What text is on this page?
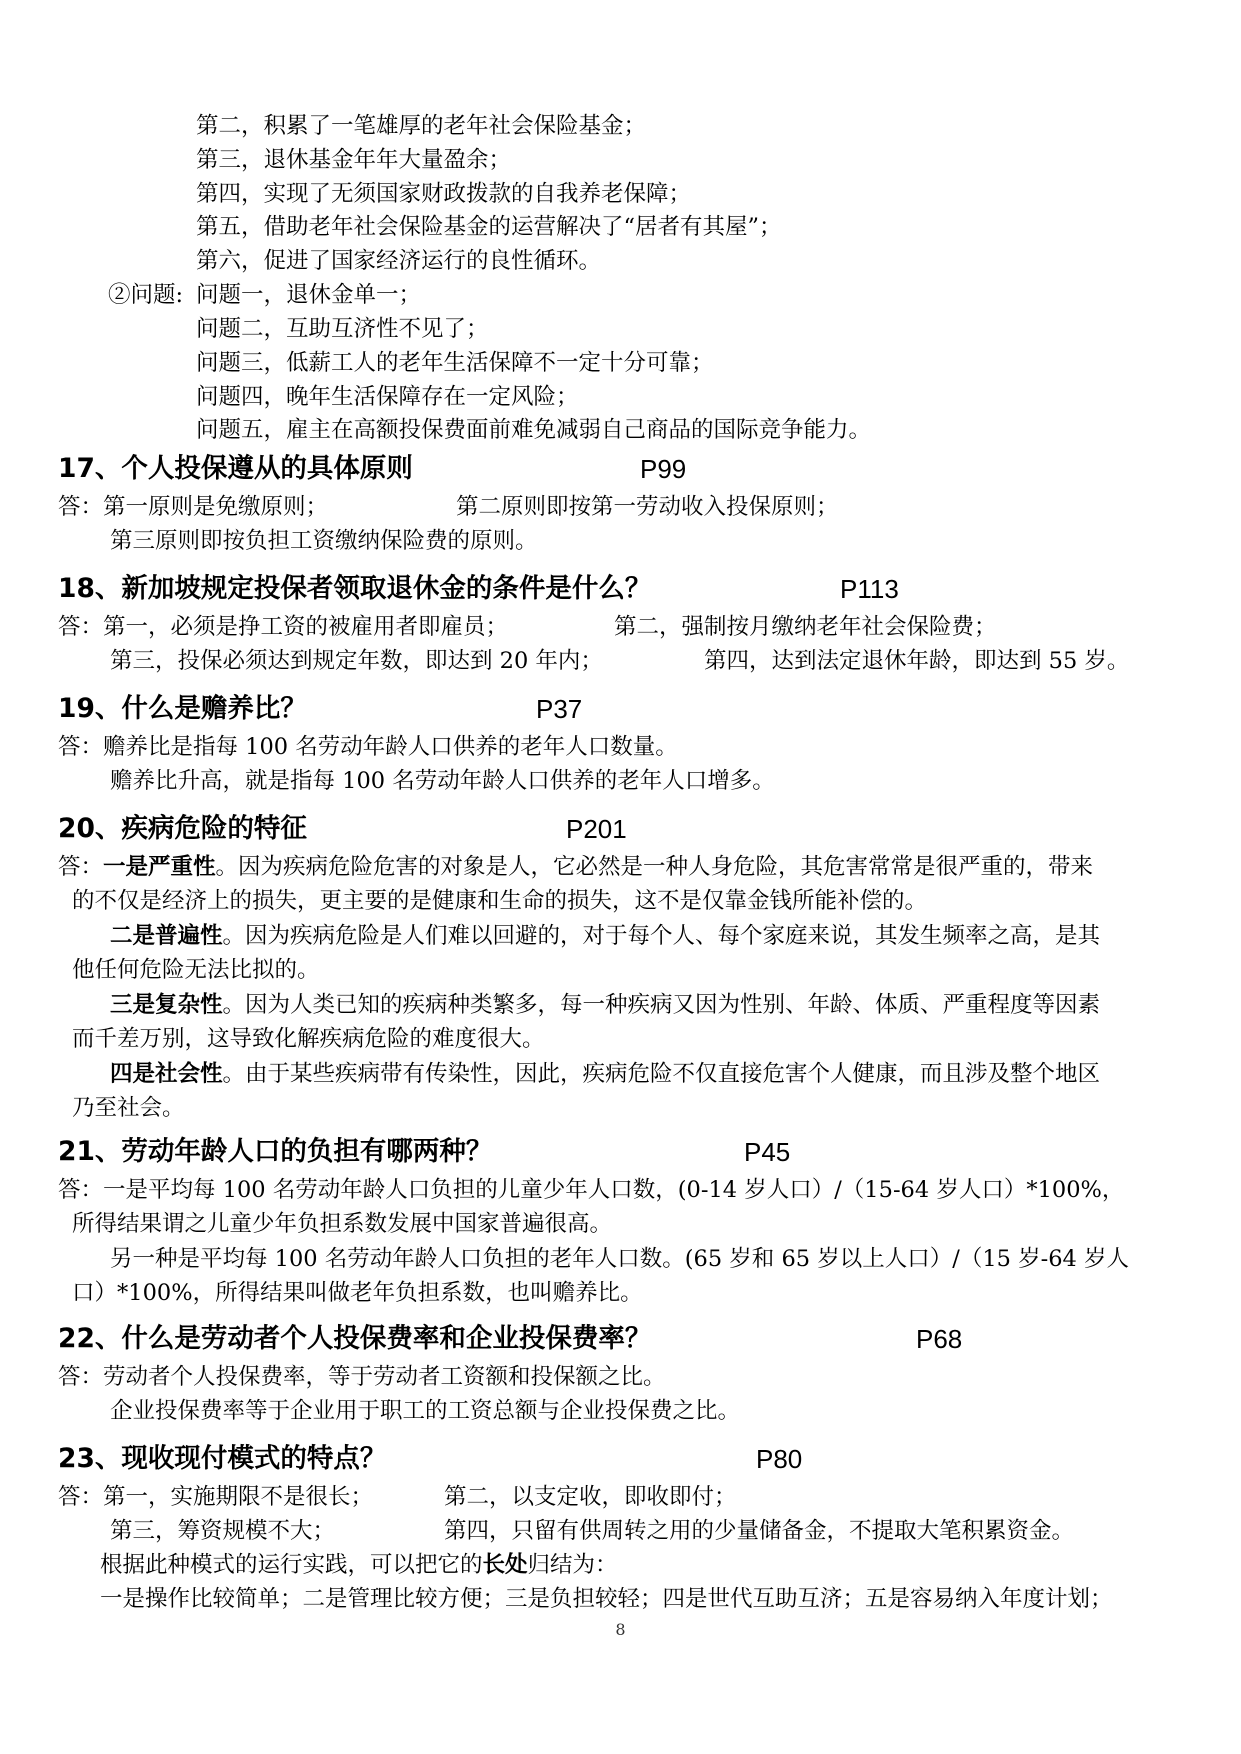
第二，积累了一笔雄厚的老年社会保险基金；
第三，退休基金年年大量盈余；
第四，实现了无须国家财政拨款的自我养老保障；
第五，借助老年社会保险基金的运营解决了“居者有其屋”；
第六，促进了国家经济运行的良性循环。
②问题: 问题一，退休金单一；
问题二，互助互济性不见了；
问题三，低薪工人的老年生活保障不一定十分可靠；
问题四，晚年生活保障存在一定风险；
问题五，雇主在高额投保费面前难免减弱自己商品的国际竞争能力。
17、个人投保遵从的具体原则	P99
答：第一原则是免缴原则；	第二原则即按第一劳动收入投保原则；
第三原则即按负担工资缴纳保险费的原则。
18、新加坡规定投保者领取退休金的条件是什么？	P113
答：第一，必须是挣工资的被雇用者即雇员；	第二，强制按月缴纳老年社会保险费；
第三，投保必须达到规定年数，即达到 20 年内；	第四，达到法定退休年龄，即达到 55 岁。
19、什么是赡养比？	P37
答：赡养比是指每 100 名劳动年龄人口供养的老年人口数量。
赡养比升高，就是指每 100 名劳动年龄人口供养的老年人口增多。
20、疾病危险的特征	P201
答：一是严重性。因为疾病危险危害的对象是人，它必然是一种人身危险，其危害常常是很严重的，带来
的不仅是经济上的损失，更主要的是健康和生命的损失，这不是仅靠金钱所能补偿的。
二是普遍性。因为疾病危险是人们难以回避的，对于每个人、每个家庭来说，其发生频率之高，是其
他任何危险无法比拟的。
三是复杂性。因为人类已知的疾病种类繁多，每一种疾病又因为性别、年龄、体质、严重程度等因素
而千差万别，这导致化解疾病危险的难度很大。
四是社会性。由于某些疾病带有传染性，因此，疾病危险不仅直接危害个人健康，而且涉及整个地区
乃至社会。
21、劳动年龄人口的负担有哪两种？	P45
答：一是平均每 100 名劳动年龄人口负担的儿童少年人口数，(0-14 岁人口）/（15-64 岁人口）*100%，
所得结果谓之儿童少年负担系数发展中国家普遍很高。
另一种是平均每 100 名劳动年龄人口负担的老年人口数。(65 岁和 65 岁以上人口）/（15 岁-64 岁人
口）*100%，所得结果叫做老年负担系数，也叫赡养比。
22、什么是劳动者个人投保费率和企业投保费率？	P68
答：劳动者个人投保费率，等于劳动者工资额和投保额之比。
企业投保费率等于企业用于职工的工资总额与企业投保费之比。
23、现收现付模式的特点？	P80
答：第一，实施期限不是很长；	第二，以支定收，即收即付；
第三，筹资规模不大；	第四，只留有供周转之用的少量储备金，不提取大笔积累资金。
根据此种模式的运行实践，可以把它的长处归结为：
一是操作比较简单；二是管理比较方便；三是负担较轻；四是世代互助互济；五是容易纳入年度计划；
8
